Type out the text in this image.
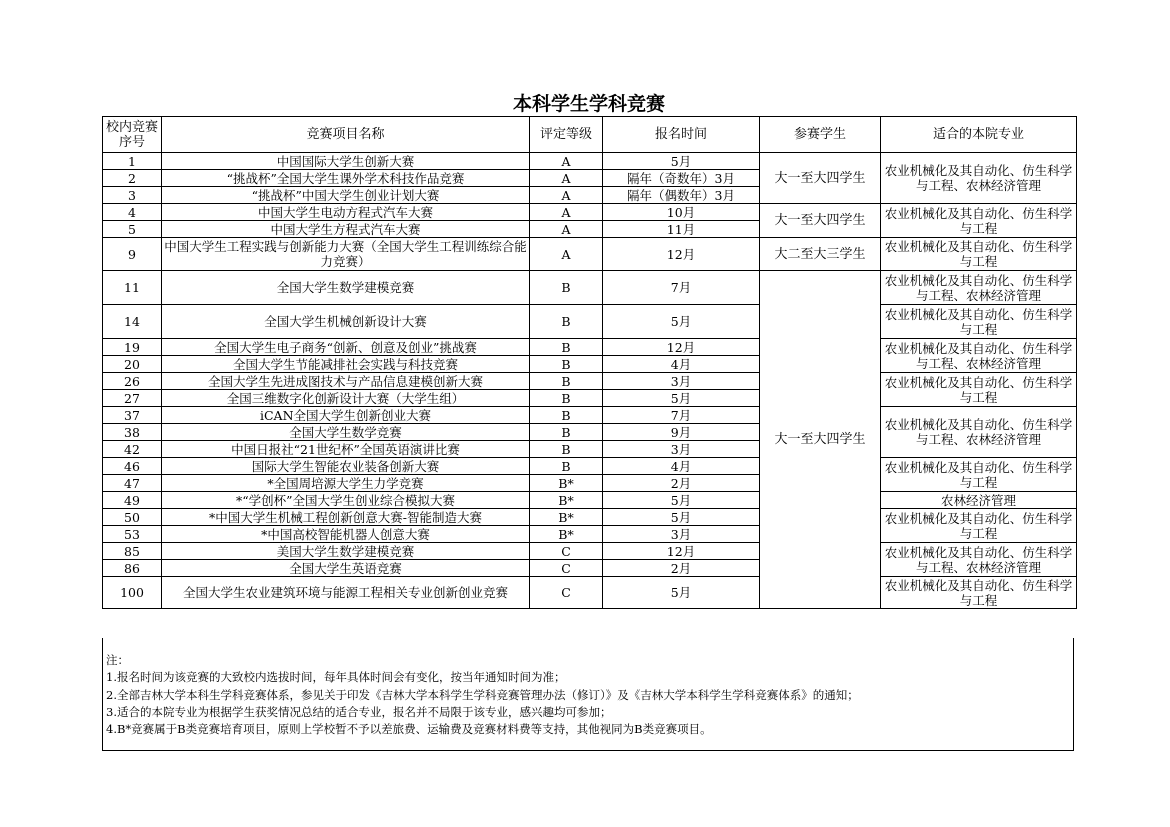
本科学生学科竞赛
校内竞赛序号	竞赛项目名称	评定等级	报名时间	参赛学生	适合的本院专业
1	中国国际大学生创新大赛	A	5月	大一至大四学生	农业机械化及其自动化、仿生科学与工程、农林经济管理
2	“挑战杯”全国大学生课外学术科技作品竞赛	A	隔年（奇数年）3月		
3	“挑战杯”中国大学生创业计划大赛	A	隔年（偶数年）3月		
4	中国大学生电动方程式汽车大赛	A	10月	大一至大四学生	农业机械化及其自动化、仿生科学与工程
5	中国大学生方程式汽车大赛	A	11月		
9	中国大学生工程实践与创新能力大赛（全国大学生工程训练综合能力竞赛）	A	12月	大二至大三学生	农业机械化及其自动化、仿生科学与工程
11	全国大学生数学建模竞赛	B	7月	大一至大四学生	农业机械化及其自动化、仿生科学与工程、农林经济管理
14	全国大学生机械创新设计大赛	B	5月		农业机械化及其自动化、仿生科学与工程
19	全国大学生电子商务“创新、创意及创业”挑战赛	B	12月		农业机械化及其自动化、仿生科学与工程、农林经济管理
20	全国大学生节能减排社会实践与科技竞赛	B	4月		
26	全国大学生先进成图技术与产品信息建模创新大赛	B	3月		农业机械化及其自动化、仿生科学与工程
27	全国三维数字化创新设计大赛（大学生组）	B	5月		
37	iCAN全国大学生创新创业大赛	B	7月		农业机械化及其自动化、仿生科学与工程、农林经济管理
38	全国大学生数学竞赛	B	9月		
42	中国日报社“21世纪杯”全国英语演讲比赛	B	3月		
46	国际大学生智能农业装备创新大赛	B	4月		农业机械化及其自动化、仿生科学与工程
47	*全国周培源大学生力学竞赛	B*	2月		
49	*“学创杯”全国大学生创业综合模拟大赛	B*	5月		农林经济管理
50	*中国大学生机械工程创新创意大赛-智能制造大赛	B*	5月		农业机械化及其自动化、仿生科学与工程
53	*中国高校智能机器人创意大赛	B*	3月		
85	美国大学生数学建模竞赛	C	12月		农业机械化及其自动化、仿生科学与工程、农林经济管理
86	全国大学生英语竞赛	C	2月		
100	全国大学生农业建筑环境与能源工程相关专业创新创业竞赛	C	5月		农业机械化及其自动化、仿生科学与工程
注：
1.报名时间为该竞赛的大致校内选拔时间，每年具体时间会有变化，按当年通知时间为准；
2.全部吉林大学本科生学科竞赛体系，参见关于印发《吉林大学本科学生学科竞赛管理办法（修订）》及《吉林大学本科学生学科竞赛体系》的通知；
3.适合的本院专业为根据学生获奖情况总结的适合专业，报名并不局限于该专业，感兴趣均可参加；
4.B*竞赛属于B类竞赛培育项目，原则上学校暂不予以差旅费、运输费及竞赛材料费等支持，其他视同为B类竞赛项目。
